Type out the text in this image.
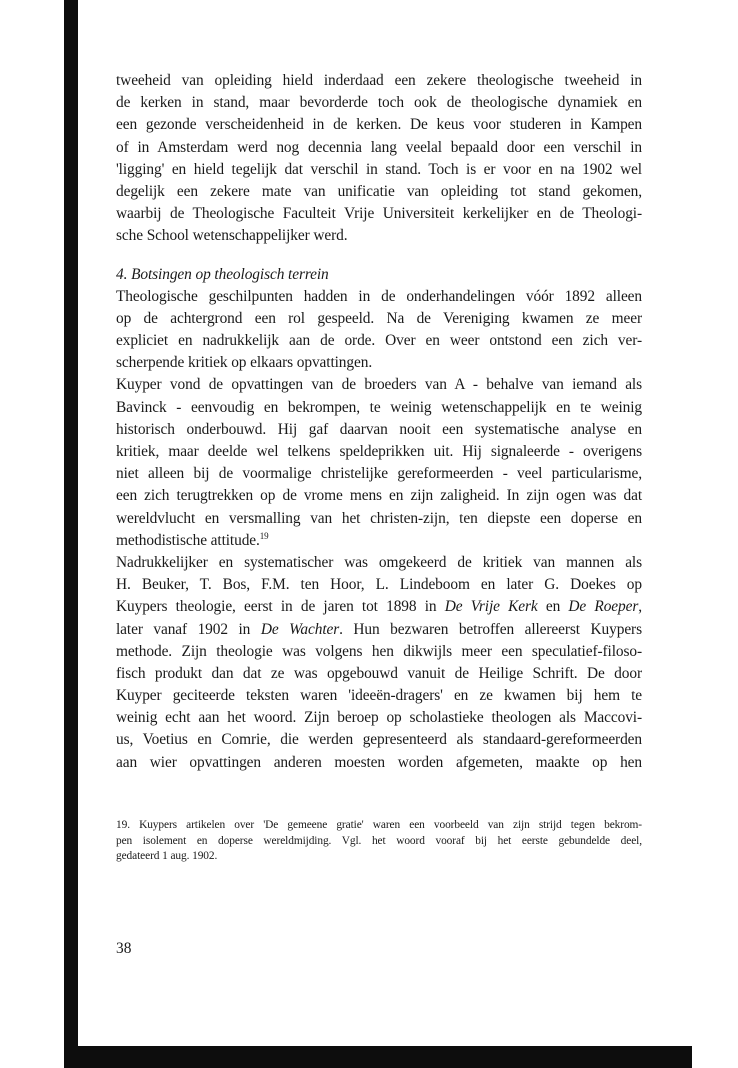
tweeheid van opleiding hield inderdaad een zekere theologische tweeheid in
de kerken in stand, maar bevorderde toch ook de theologische dynamiek en
een gezonde verscheidenheid in de kerken. De keus voor studeren in Kampen
of in Amsterdam werd nog decennia lang veelal bepaald door een verschil in
'ligging' en hield tegelijk dat verschil in stand. Toch is er voor en na 1902 wel
degelijk een zekere mate van unificatie van opleiding tot stand gekomen,
waarbij de Theologische Faculteit Vrije Universiteit kerkelijker en de Theologi-
sche School wetenschappelijker werd.
4. Botsingen op theologisch terrein
Theologische geschilpunten hadden in de onderhandelingen vóór 1892 alleen
op de achtergrond een rol gespeeld. Na de Vereniging kwamen ze meer
expliciet en nadrukkelijk aan de orde. Over en weer ontstond een zich ver-
scherpende kritiek op elkaars opvattingen.
Kuyper vond de opvattingen van de broeders van A - behalve van iemand als
Bavinck - eenvoudig en bekrompen, te weinig wetenschappelijk en te weinig
historisch onderbouwd. Hij gaf daarvan nooit een systematische analyse en
kritiek, maar deelde wel telkens speldeprikken uit. Hij signaleerde - overigens
niet alleen bij de voormalige christelijke gereformeerden - veel particularisme,
een zich terugtrekken op de vrome mens en zijn zaligheid. In zijn ogen was dat
wereldvlucht en versmalling van het christen-zijn, ten diepste een doperse en
methodistische attitude.$^{19}$
Nadrukkelijker en systematischer was omgekeerd de kritiek van mannen als
H. Beuker, T. Bos, F.M. ten Hoor, L. Lindeboom en later G. Doekes op
Kuypers theologie, eerst in de jaren tot 1898 in De Vrije Kerk en De Roeper,
later vanaf 1902 in De Wachter. Hun bezwaren betroffen allereerst Kuypers
methode. Zijn theologie was volgens hen dikwijls meer een speculatief-filoso-
fisch produkt dan dat ze was opgebouwd vanuit de Heilige Schrift. De door
Kuyper geciteerde teksten waren 'ideeën-dragers' en ze kwamen bij hem te
weinig echt aan het woord. Zijn beroep op scholastieke theologen als Maccovi-
us, Voetius en Comrie, die werden gepresenteerd als standaard-gereformeerden
aan wier opvattingen anderen moesten worden afgemeten, maakte op hen
19. Kuypers artikelen over 'De gemeene gratie' waren een voorbeeld van zijn strijd tegen bekrom-
pen isolement en doperse wereldmijding. Vgl. het woord vooraf bij het eerste gebundelde deel,
gedateerd 1 aug. 1902.
38
